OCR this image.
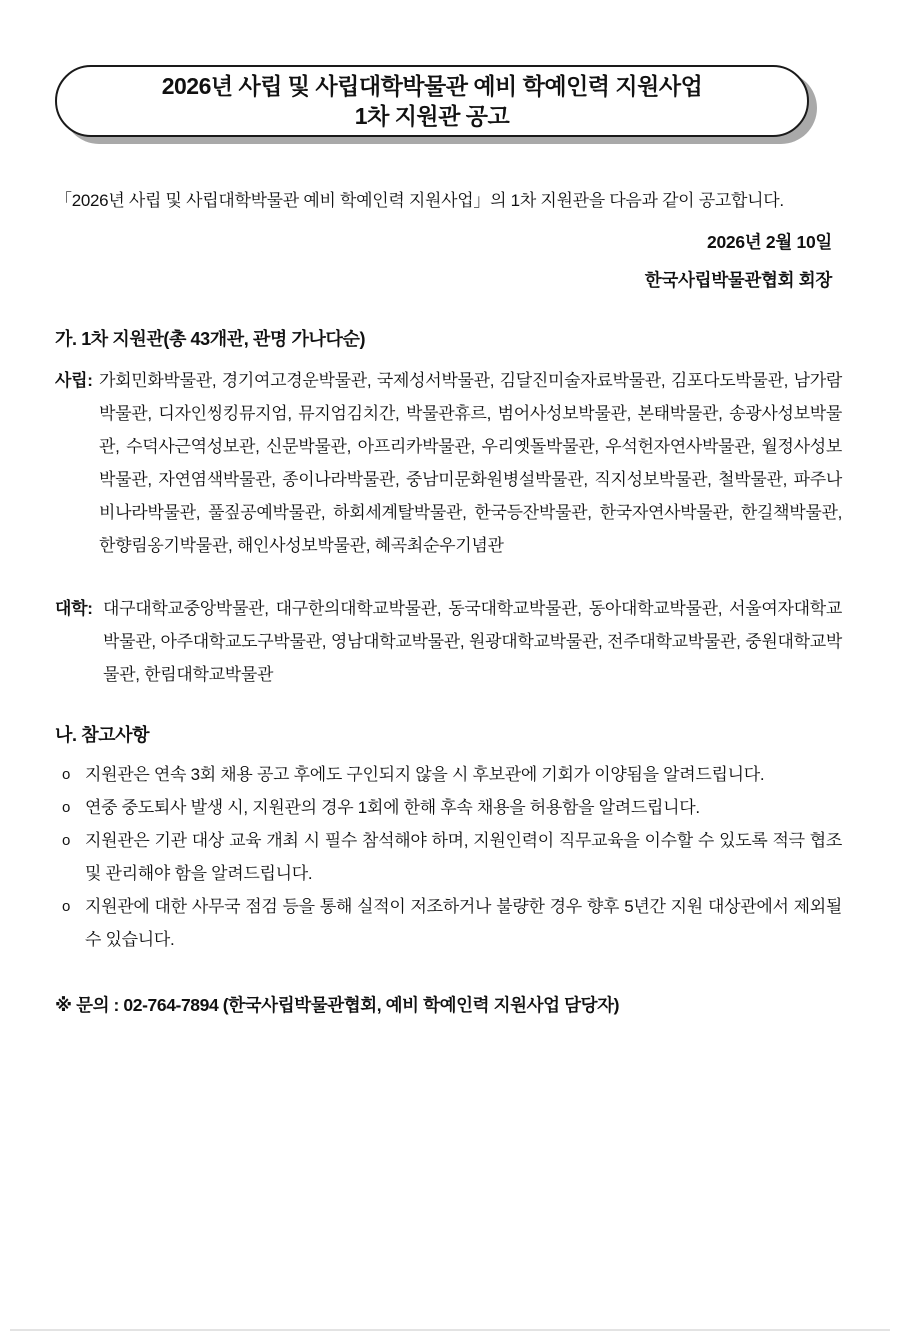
2026년 사립 및 사립대학박물관 예비 학예인력 지원사업
1차 지원관 공고

「2026년 사립 및 사립대학박물관 예비 학예인력 지원사업」의 1차 지원관을 다음과 같이 공고합니다.

2026년 2월 10일
한국사립박물관협회 회장
가. 1차 지원관(총 43개관, 관명 가나다순)
사립: 가회민화박물관, 경기여고경운박물관, 국제성서박물관, 김달진미술자료박물관, 김포다도박물관, 남가람박물관, 디자인씽킹뮤지엄, 뮤지엄김치간, 박물관휴르, 범어사성보박물관, 본태박물관, 송광사성보박물관, 수덕사근역성보관, 신문박물관, 아프리카박물관, 우리옛돌박물관, 우석헌자연사박물관, 월정사성보박물관, 자연염색박물관, 종이나라박물관, 중남미문화원병설박물관, 직지성보박물관, 철박물관, 파주나비나라박물관, 풀짚공예박물관, 하회세계탈박물관, 한국등잔박물관, 한국자연사박물관, 한길책박물관, 한향림옹기박물관, 해인사성보박물관, 혜곡최순우기념관
대학: 대구대학교중앙박물관, 대구한의대학교박물관, 동국대학교박물관, 동아대학교박물관, 서울여자대학교박물관, 아주대학교도구박물관, 영남대학교박물관, 원광대학교박물관, 전주대학교박물관, 중원대학교박물관, 한림대학교박물관
나. 참고사항
o 지원관은 연속 3회 채용 공고 후에도 구인되지 않을 시 후보관에 기회가 이양됨을 알려드립니다.
o 연중 중도퇴사 발생 시, 지원관의 경우 1회에 한해 후속 채용을 허용함을 알려드립니다.
o 지원관은 기관 대상 교육 개최 시 필수 참석해야 하며, 지원인력이 직무교육을 이수할 수 있도록 적극 협조 및 관리해야 함을 알려드립니다.
o 지원관에 대한 사무국 점검 등을 통해 실적이 저조하거나 불량한 경우 향후 5년간 지원 대상관에서 제외될 수 있습니다.

※ 문의 : 02-764-7894 (한국사립박물관협회, 예비 학예인력 지원사업 담당자)
